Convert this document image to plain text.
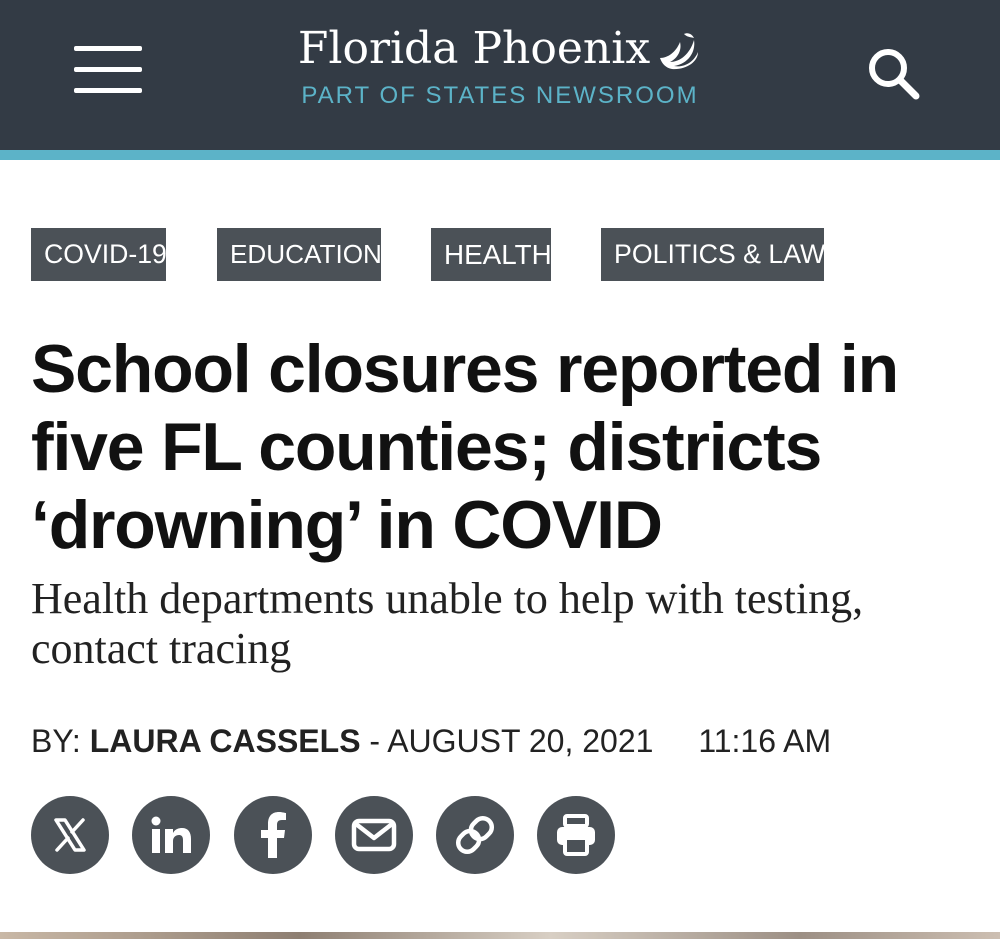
Florida Phoenix
PART OF STATES NEWSROOM
COVID-19	EDUCATION	HEALTH	POLITICS & LAW
School closures reported in five FL counties; districts ‘drowning’ in COVID

Health departments unable to help with testing, contact tracing

BY: LAURA CASSELS - AUGUST 20, 2021 11:16 AM
